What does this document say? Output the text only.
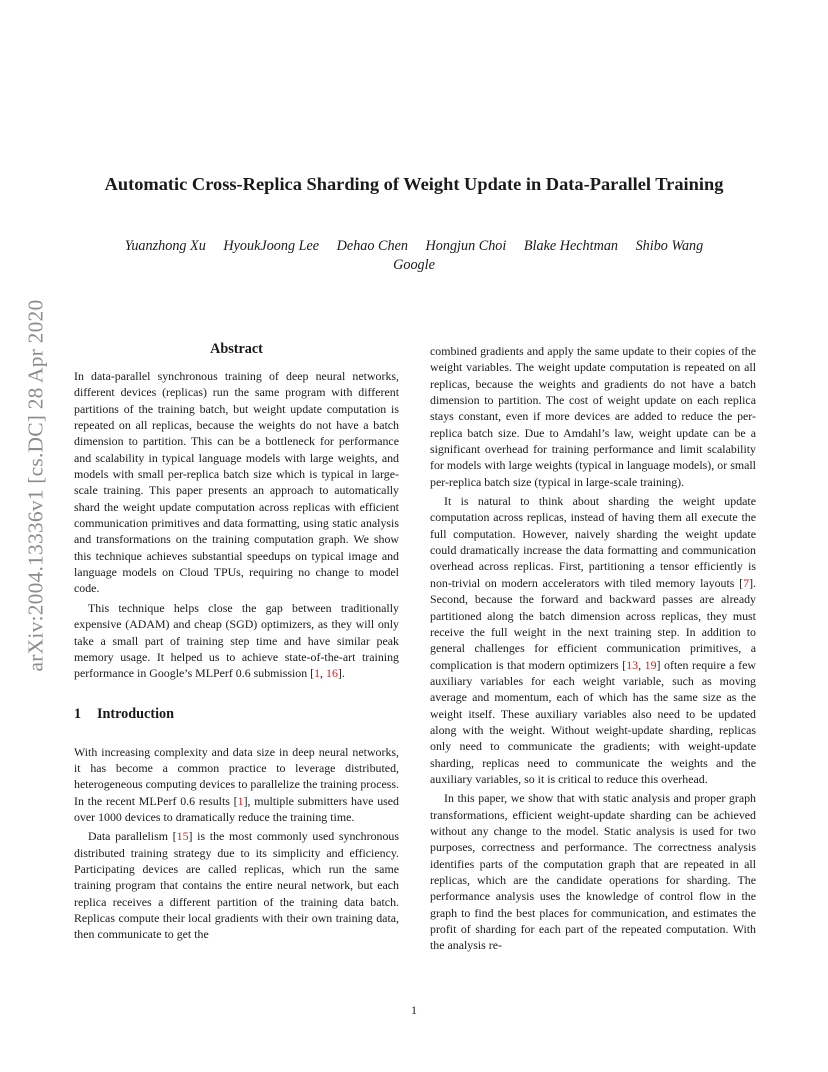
arXiv:2004.13336v1 [cs.DC] 28 Apr 2020
Automatic Cross-Replica Sharding of Weight Update in Data-Parallel Training
Yuanzhong Xu HyoukJoong Lee Dehao Chen Hongjun Choi Blake Hechtman Shibo Wang
Google
Abstract

In data-parallel synchronous training of deep neural networks, different devices (replicas) run the same program with different partitions of the training batch, but weight update computation is repeated on all replicas, because the weights do not have a batch dimension to partition. This can be a bottleneck for performance and scalability in typical language models with large weights, and models with small per-replica batch size which is typical in large-scale training. This paper presents an approach to automatically shard the weight update computation across replicas with efficient communication primitives and data formatting, using static analysis and transformations on the training computation graph. We show this technique achieves substantial speedups on typical image and language models on Cloud TPUs, requiring no change to model code.

This technique helps close the gap between traditionally expensive (ADAM) and cheap (SGD) optimizers, as they will only take a small part of training step time and have similar peak memory usage. It helped us to achieve state-of-the-art training performance in Google’s MLPerf 0.6 submission [1, 16].

1 Introduction

With increasing complexity and data size in deep neural networks, it has become a common practice to leverage distributed, heterogeneous computing devices to parallelize the training process. In the recent MLPerf 0.6 results [1], multiple submitters have used over 1000 devices to dramatically reduce the training time.

Data parallelism [15] is the most commonly used synchronous distributed training strategy due to its simplicity and efficiency. Participating devices are called replicas, which run the same training program that contains the entire neural network, but each replica receives a different partition of the training data batch. Replicas compute their local gradients with their own training data, then communicate to get the

combined gradients and apply the same update to their copies of the weight variables. The weight update computation is repeated on all replicas, because the weights and gradients do not have a batch dimension to partition. The cost of weight update on each replica stays constant, even if more devices are added to reduce the per-replica batch size. Due to Amdahl’s law, weight update can be a significant overhead for training performance and limit scalability for models with large weights (typical in language models), or small per-replica batch size (typical in large-scale training).

It is natural to think about sharding the weight update computation across replicas, instead of having them all execute the full computation. However, naively sharding the weight update could dramatically increase the data formatting and communication overhead across replicas. First, partitioning a tensor efficiently is non-trivial on modern accelerators with tiled memory layouts [7]. Second, because the forward and backward passes are already partitioned along the batch dimension across replicas, they must receive the full weight in the next training step. In addition to general challenges for efficient communication primitives, a complication is that modern optimizers [13, 19] often require a few auxiliary variables for each weight variable, such as moving average and momentum, each of which has the same size as the weight itself. These auxiliary variables also need to be updated along with the weight. Without weight-update sharding, replicas only need to communicate the gradients; with weight-update sharding, replicas need to communicate the weights and the auxiliary variables, so it is critical to reduce this overhead.

In this paper, we show that with static analysis and proper graph transformations, efficient weight-update sharding can be achieved without any change to the model. Static analysis is used for two purposes, correctness and performance. The correctness analysis identifies parts of the computation graph that are repeated in all replicas, which are the candidate operations for sharding. The performance analysis uses the knowledge of control flow in the graph to find the best places for communication, and estimates the profit of sharding for each part of the repeated computation. With the analysis re-

1
